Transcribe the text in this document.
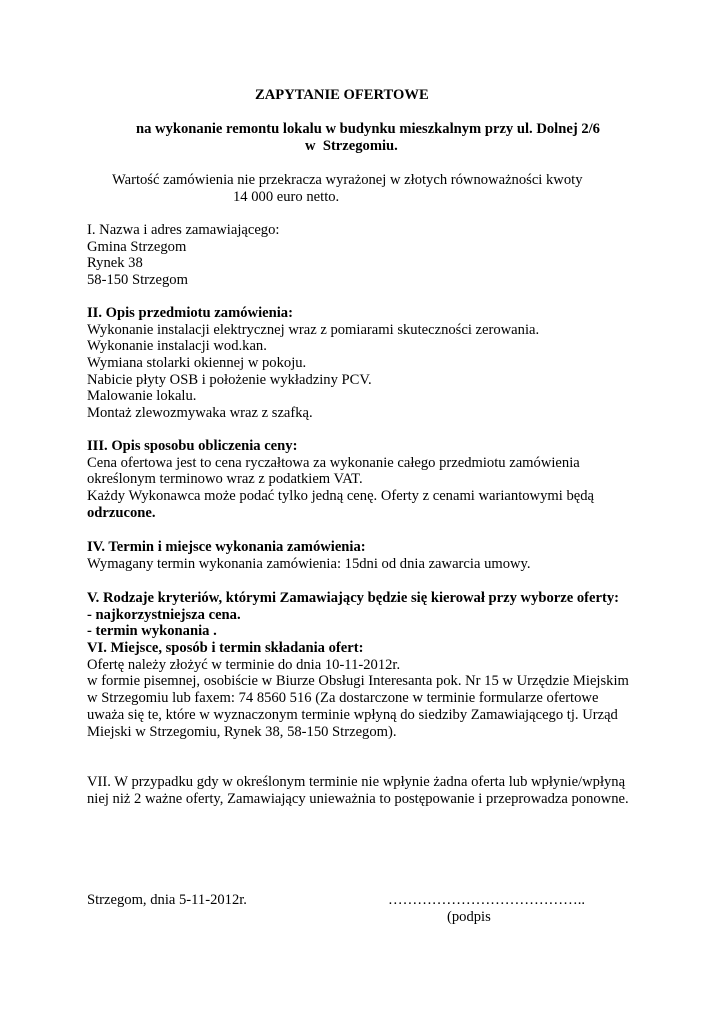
ZAPYTANIE OFERTOWE
na wykonanie remontu lokalu w budynku mieszkalnym przy ul. Dolnej 2/6
w  Strzegomiu.
Wartość zamówienia nie przekracza wyrażonej w złotych równoważności kwoty
14 000 euro netto.
I. Nazwa i adres zamawiającego:
Gmina Strzegom
Rynek 38
58-150 Strzegom
II. Opis przedmiotu zamówienia:
Wykonanie instalacji elektrycznej wraz z pomiarami skuteczności zerowania.
Wykonanie instalacji wod.kan.
Wymiana stolarki okiennej w pokoju.
Nabicie płyty OSB i położenie wykładziny PCV.
Malowanie lokalu.
Montaż zlewozmywaka wraz z szafką.
III. Opis sposobu obliczenia ceny:
Cena ofertowa jest to cena ryczałtowa za wykonanie całego przedmiotu zamówienia
określonym terminowo wraz z podatkiem VAT.
Każdy Wykonawca może podać tylko jedną cenę. Oferty z cenami wariantowymi będą
odrzucone.
IV. Termin i miejsce wykonania zamówienia:
Wymagany termin wykonania zamówienia: 15dni od dnia zawarcia umowy.
V. Rodzaje kryteriów, którymi Zamawiający będzie się kierował przy wyborze oferty:
- najkorzystniejsza cena.
- termin wykonania .
VI. Miejsce, sposób i termin składania ofert:
Ofertę należy złożyć w terminie do dnia 10-11-2012r.
w formie pisemnej, osobiście w Biurze Obsługi Interesanta pok. Nr 15 w Urzędzie Miejskim
w Strzegomiu lub faxem: 74 8560 516 (Za dostarczone w terminie formularze ofertowe
uważa się te, które w wyznaczonym terminie wpłyną do siedziby Zamawiającego tj. Urząd
Miejski w Strzegomiu, Rynek 38, 58-150 Strzegom).
VII. W przypadku gdy w określonym terminie nie wpłynie żadna oferta lub wpłynie/wpłyną
niej niż 2 ważne oferty, Zamawiający unieważnia to postępowanie i przeprowadza ponowne.
Strzegom, dnia 5-11-2012r.	…………………………………..
(podpis
